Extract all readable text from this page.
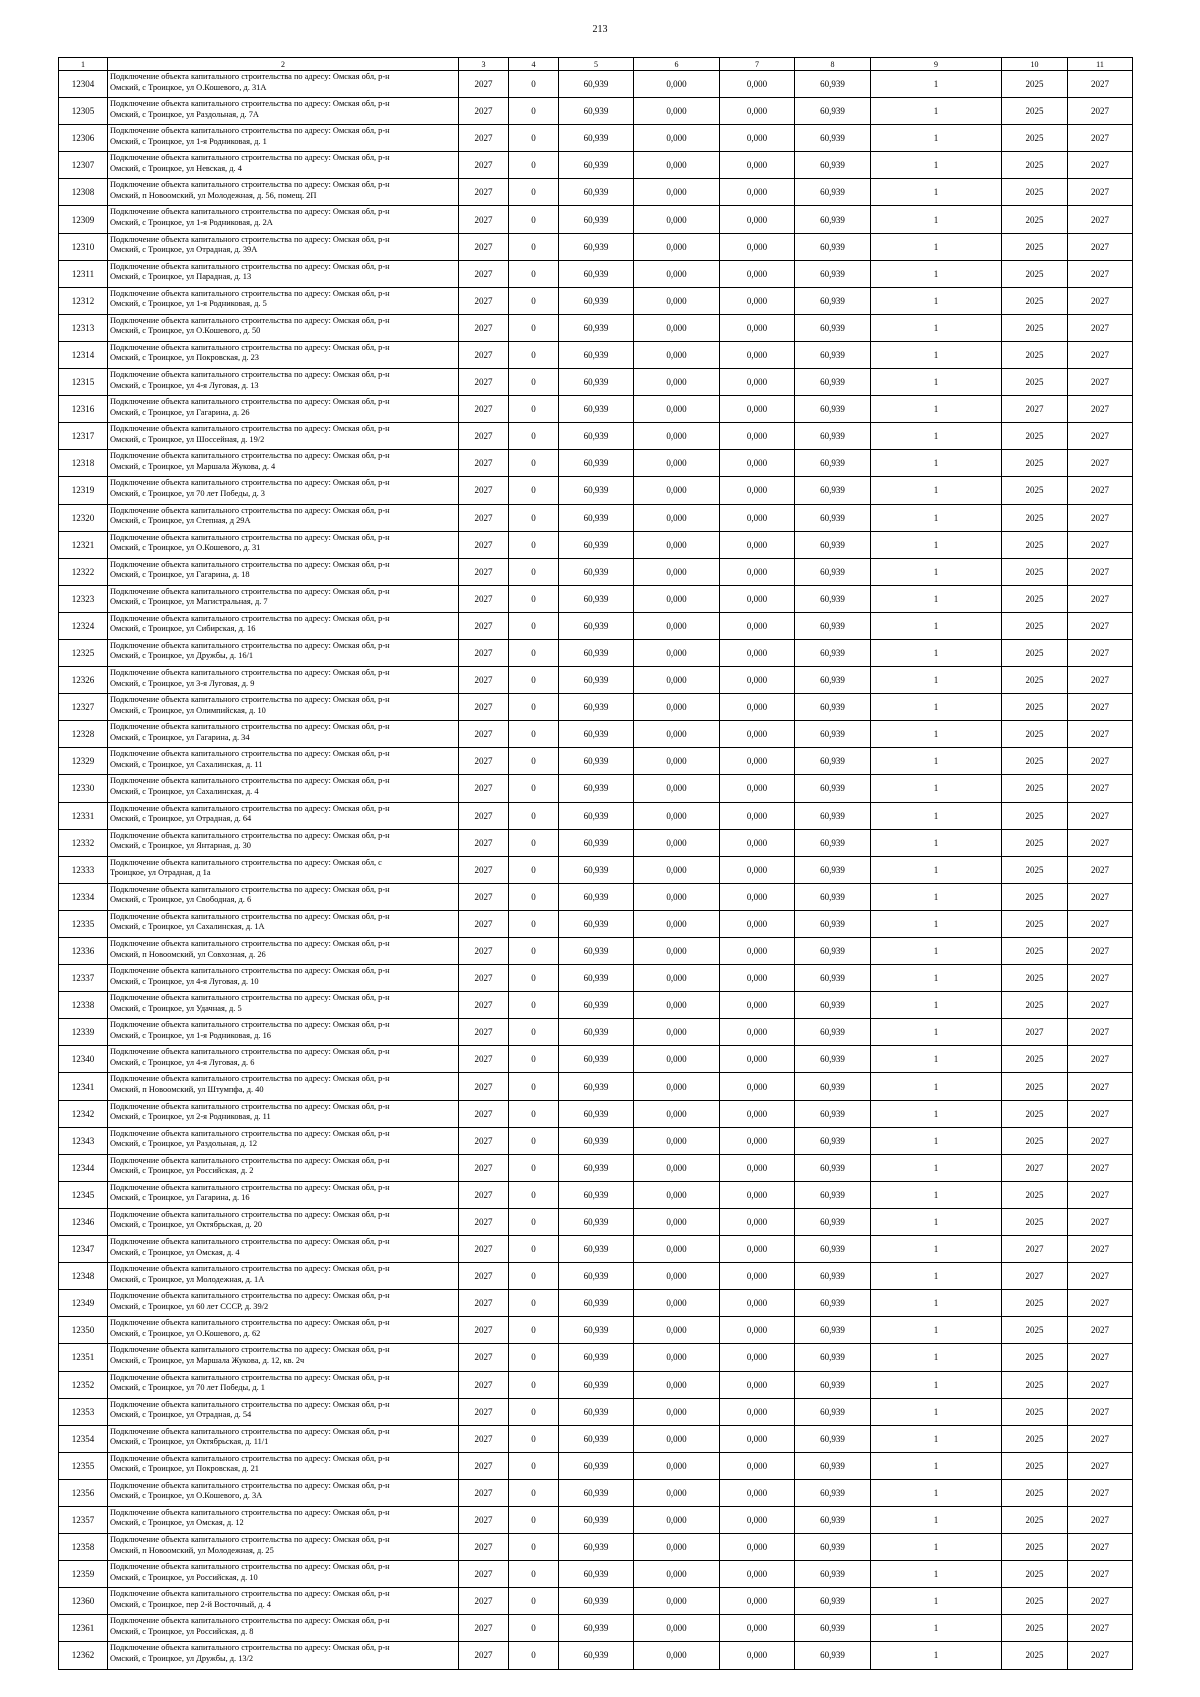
213
1	2	3	4	5	6	7	8	9	10	11
12304	Подключение объекта капитального строительства по адресу: Омская обл, р-н
Омский, с Троицкое, ул О.Кошевого, д. 31А	2027	0	60,939	0,000	0,000	60,939	1	2025	2027
12305	Подключение объекта капитального строительства по адресу: Омская обл, р-н
Омский, с Троицкое, ул Раздольная, д. 7А	2027	0	60,939	0,000	0,000	60,939	1	2025	2027
12306	Подключение объекта капитального строительства по адресу: Омская обл, р-н
Омский, с Троицкое, ул 1-я Родниковая, д. 1	2027	0	60,939	0,000	0,000	60,939	1	2025	2027
12307	Подключение объекта капитального строительства по адресу: Омская обл, р-н
Омский, с Троицкое, ул Невская, д. 4	2027	0	60,939	0,000	0,000	60,939	1	2025	2027
12308	Подключение объекта капитального строительства по адресу: Омская обл, р-н
Омский, п Новоомский, ул Молодежная, д. 56, помещ. 2П	2027	0	60,939	0,000	0,000	60,939	1	2025	2027
12309	Подключение объекта капитального строительства по адресу: Омская обл, р-н
Омский, с Троицкое, ул 1-я Родниковая, д. 2А	2027	0	60,939	0,000	0,000	60,939	1	2025	2027
12310	Подключение объекта капитального строительства по адресу: Омская обл, р-н
Омский, с Троицкое, ул Отрадная, д. 39А	2027	0	60,939	0,000	0,000	60,939	1	2025	2027
12311	Подключение объекта капитального строительства по адресу: Омская обл, р-н
Омский, с Троицкое, ул Парадная, д. 13	2027	0	60,939	0,000	0,000	60,939	1	2025	2027
12312	Подключение объекта капитального строительства по адресу: Омская обл, р-н
Омский, с Троицкое, ул 1-я Родниковая, д. 5	2027	0	60,939	0,000	0,000	60,939	1	2025	2027
12313	Подключение объекта капитального строительства по адресу: Омская обл, р-н
Омский, с Троицкое, ул О.Кошевого, д. 50	2027	0	60,939	0,000	0,000	60,939	1	2025	2027
12314	Подключение объекта капитального строительства по адресу: Омская обл, р-н
Омский, с Троицкое, ул Покровская, д. 23	2027	0	60,939	0,000	0,000	60,939	1	2025	2027
12315	Подключение объекта капитального строительства по адресу: Омская обл, р-н
Омский, с Троицкое, ул 4-я Луговая, д. 13	2027	0	60,939	0,000	0,000	60,939	1	2025	2027
12316	Подключение объекта капитального строительства по адресу: Омская обл, р-н
Омский, с Троицкое, ул Гагарина, д. 26	2027	0	60,939	0,000	0,000	60,939	1	2027	2027
12317	Подключение объекта капитального строительства по адресу: Омская обл, р-н
Омский, с Троицкое, ул Шоссейная, д. 19/2	2027	0	60,939	0,000	0,000	60,939	1	2025	2027
12318	Подключение объекта капитального строительства по адресу: Омская обл, р-н
Омский, с Троицкое, ул Маршала Жукова, д. 4	2027	0	60,939	0,000	0,000	60,939	1	2025	2027
12319	Подключение объекта капитального строительства по адресу: Омская обл, р-н
Омский, с Троицкое, ул 70 лет Победы, д. 3	2027	0	60,939	0,000	0,000	60,939	1	2025	2027
12320	Подключение объекта капитального строительства по адресу: Омская обл, р-н
Омский, с Троицкое, ул Степная, д 29А	2027	0	60,939	0,000	0,000	60,939	1	2025	2027
12321	Подключение объекта капитального строительства по адресу: Омская обл, р-н
Омский, с Троицкое, ул О.Кошевого, д. 31	2027	0	60,939	0,000	0,000	60,939	1	2025	2027
12322	Подключение объекта капитального строительства по адресу: Омская обл, р-н
Омский, с Троицкое, ул Гагарина, д. 18	2027	0	60,939	0,000	0,000	60,939	1	2025	2027
12323	Подключение объекта капитального строительства по адресу: Омская обл, р-н
Омский, с Троицкое, ул Магистральная, д. 7	2027	0	60,939	0,000	0,000	60,939	1	2025	2027
12324	Подключение объекта капитального строительства по адресу: Омская обл, р-н
Омский, с Троицкое, ул Сибирская, д. 16	2027	0	60,939	0,000	0,000	60,939	1	2025	2027
12325	Подключение объекта капитального строительства по адресу: Омская обл, р-н
Омский, с Троицкое, ул Дружбы, д. 16/1	2027	0	60,939	0,000	0,000	60,939	1	2025	2027
12326	Подключение объекта капитального строительства по адресу: Омская обл, р-н
Омский, с Троицкое, ул 3-я Луговая, д. 9	2027	0	60,939	0,000	0,000	60,939	1	2025	2027
12327	Подключение объекта капитального строительства по адресу: Омская обл, р-н
Омский, с Троицкое, ул Олимпийская, д. 10	2027	0	60,939	0,000	0,000	60,939	1	2025	2027
12328	Подключение объекта капитального строительства по адресу: Омская обл, р-н
Омский, с Троицкое, ул Гагарина, д. 34	2027	0	60,939	0,000	0,000	60,939	1	2025	2027
12329	Подключение объекта капитального строительства по адресу: Омская обл, р-н
Омский, с Троицкое, ул Сахалинская, д. 11	2027	0	60,939	0,000	0,000	60,939	1	2025	2027
12330	Подключение объекта капитального строительства по адресу: Омская обл, р-н
Омский, с Троицкое, ул Сахалинская, д. 4	2027	0	60,939	0,000	0,000	60,939	1	2025	2027
12331	Подключение объекта капитального строительства по адресу: Омская обл, р-н
Омский, с Троицкое, ул Отрадная, д. 64	2027	0	60,939	0,000	0,000	60,939	1	2025	2027
12332	Подключение объекта капитального строительства по адресу: Омская обл, р-н
Омский, с Троицкое, ул Янтарная, д. 30	2027	0	60,939	0,000	0,000	60,939	1	2025	2027
12333	Подключение объекта капитального строительства по адресу: Омская обл, с
Троицкое, ул Отрадная, д 1а	2027	0	60,939	0,000	0,000	60,939	1	2025	2027
12334	Подключение объекта капитального строительства по адресу: Омская обл, р-н
Омский, с Троицкое, ул Свободная, д. 6	2027	0	60,939	0,000	0,000	60,939	1	2025	2027
12335	Подключение объекта капитального строительства по адресу: Омская обл, р-н
Омский, с Троицкое, ул Сахалинская, д. 1А	2027	0	60,939	0,000	0,000	60,939	1	2025	2027
12336	Подключение объекта капитального строительства по адресу: Омская обл, р-н
Омский, п Новоомский, ул Совхозная, д. 26	2027	0	60,939	0,000	0,000	60,939	1	2025	2027
12337	Подключение объекта капитального строительства по адресу: Омская обл, р-н
Омский, с Троицкое, ул 4-я Луговая, д. 10	2027	0	60,939	0,000	0,000	60,939	1	2025	2027
12338	Подключение объекта капитального строительства по адресу: Омская обл, р-н
Омский, с Троицкое, ул Удачная, д. 5	2027	0	60,939	0,000	0,000	60,939	1	2025	2027
12339	Подключение объекта капитального строительства по адресу: Омская обл, р-н
Омский, с Троицкое, ул 1-я Родниковая, д. 16	2027	0	60,939	0,000	0,000	60,939	1	2027	2027
12340	Подключение объекта капитального строительства по адресу: Омская обл, р-н
Омский, с Троицкое, ул 4-я Луговая, д. 6	2027	0	60,939	0,000	0,000	60,939	1	2025	2027
12341	Подключение объекта капитального строительства по адресу: Омская обл, р-н
Омский, п Новоомский, ул Штумпфа, д. 40	2027	0	60,939	0,000	0,000	60,939	1	2025	2027
12342	Подключение объекта капитального строительства по адресу: Омская обл, р-н
Омский, с Троицкое, ул 2-я Родниковая, д. 11	2027	0	60,939	0,000	0,000	60,939	1	2025	2027
12343	Подключение объекта капитального строительства по адресу: Омская обл, р-н
Омский, с Троицкое, ул Раздольная, д. 12	2027	0	60,939	0,000	0,000	60,939	1	2025	2027
12344	Подключение объекта капитального строительства по адресу: Омская обл, р-н
Омский, с Троицкое, ул Российская, д. 2	2027	0	60,939	0,000	0,000	60,939	1	2027	2027
12345	Подключение объекта капитального строительства по адресу: Омская обл, р-н
Омский, с Троицкое, ул Гагарина, д. 16	2027	0	60,939	0,000	0,000	60,939	1	2025	2027
12346	Подключение объекта капитального строительства по адресу: Омская обл, р-н
Омский, с Троицкое, ул Октябрьская, д. 20	2027	0	60,939	0,000	0,000	60,939	1	2025	2027
12347	Подключение объекта капитального строительства по адресу: Омская обл, р-н
Омский, с Троицкое, ул Омская, д. 4	2027	0	60,939	0,000	0,000	60,939	1	2027	2027
12348	Подключение объекта капитального строительства по адресу: Омская обл, р-н
Омский, с Троицкое, ул Молодежная, д. 1А	2027	0	60,939	0,000	0,000	60,939	1	2027	2027
12349	Подключение объекта капитального строительства по адресу: Омская обл, р-н
Омский, с Троицкое, ул 60 лет СССР, д. 39/2	2027	0	60,939	0,000	0,000	60,939	1	2025	2027
12350	Подключение объекта капитального строительства по адресу: Омская обл, р-н
Омский, с Троицкое, ул О.Кошевого, д. 62	2027	0	60,939	0,000	0,000	60,939	1	2025	2027
12351	Подключение объекта капитального строительства по адресу: Омская обл, р-н
Омский, с Троицкое, ул Маршала Жукова, д. 12, кв. 2ч	2027	0	60,939	0,000	0,000	60,939	1	2025	2027
12352	Подключение объекта капитального строительства по адресу: Омская обл, р-н
Омский, с Троицкое, ул 70 лет Победы, д. 1	2027	0	60,939	0,000	0,000	60,939	1	2025	2027
12353	Подключение объекта капитального строительства по адресу: Омская обл, р-н
Омский, с Троицкое, ул Отрадная, д. 54	2027	0	60,939	0,000	0,000	60,939	1	2025	2027
12354	Подключение объекта капитального строительства по адресу: Омская обл, р-н
Омский, с Троицкое, ул Октябрьская, д. 11/1	2027	0	60,939	0,000	0,000	60,939	1	2025	2027
12355	Подключение объекта капитального строительства по адресу: Омская обл, р-н
Омский, с Троицкое, ул Покровская, д. 21	2027	0	60,939	0,000	0,000	60,939	1	2025	2027
12356	Подключение объекта капитального строительства по адресу: Омская обл, р-н
Омский, с Троицкое, ул О.Кошевого, д. 3А	2027	0	60,939	0,000	0,000	60,939	1	2025	2027
12357	Подключение объекта капитального строительства по адресу: Омская обл, р-н
Омский, с Троицкое, ул Омская, д. 12	2027	0	60,939	0,000	0,000	60,939	1	2025	2027
12358	Подключение объекта капитального строительства по адресу: Омская обл, р-н
Омский, п Новоомский, ул Молодежная, д. 25	2027	0	60,939	0,000	0,000	60,939	1	2025	2027
12359	Подключение объекта капитального строительства по адресу: Омская обл, р-н
Омский, с Троицкое, ул Российская, д. 10	2027	0	60,939	0,000	0,000	60,939	1	2025	2027
12360	Подключение объекта капитального строительства по адресу: Омская обл, р-н
Омский, с Троицкое, пер 2-й Восточный, д. 4	2027	0	60,939	0,000	0,000	60,939	1	2025	2027
12361	Подключение объекта капитального строительства по адресу: Омская обл, р-н
Омский, с Троицкое, ул Российская, д. 8	2027	0	60,939	0,000	0,000	60,939	1	2025	2027
12362	Подключение объекта капитального строительства по адресу: Омская обл, р-н
Омский, с Троицкое, ул Дружбы, д. 13/2	2027	0	60,939	0,000	0,000	60,939	1	2025	2027
